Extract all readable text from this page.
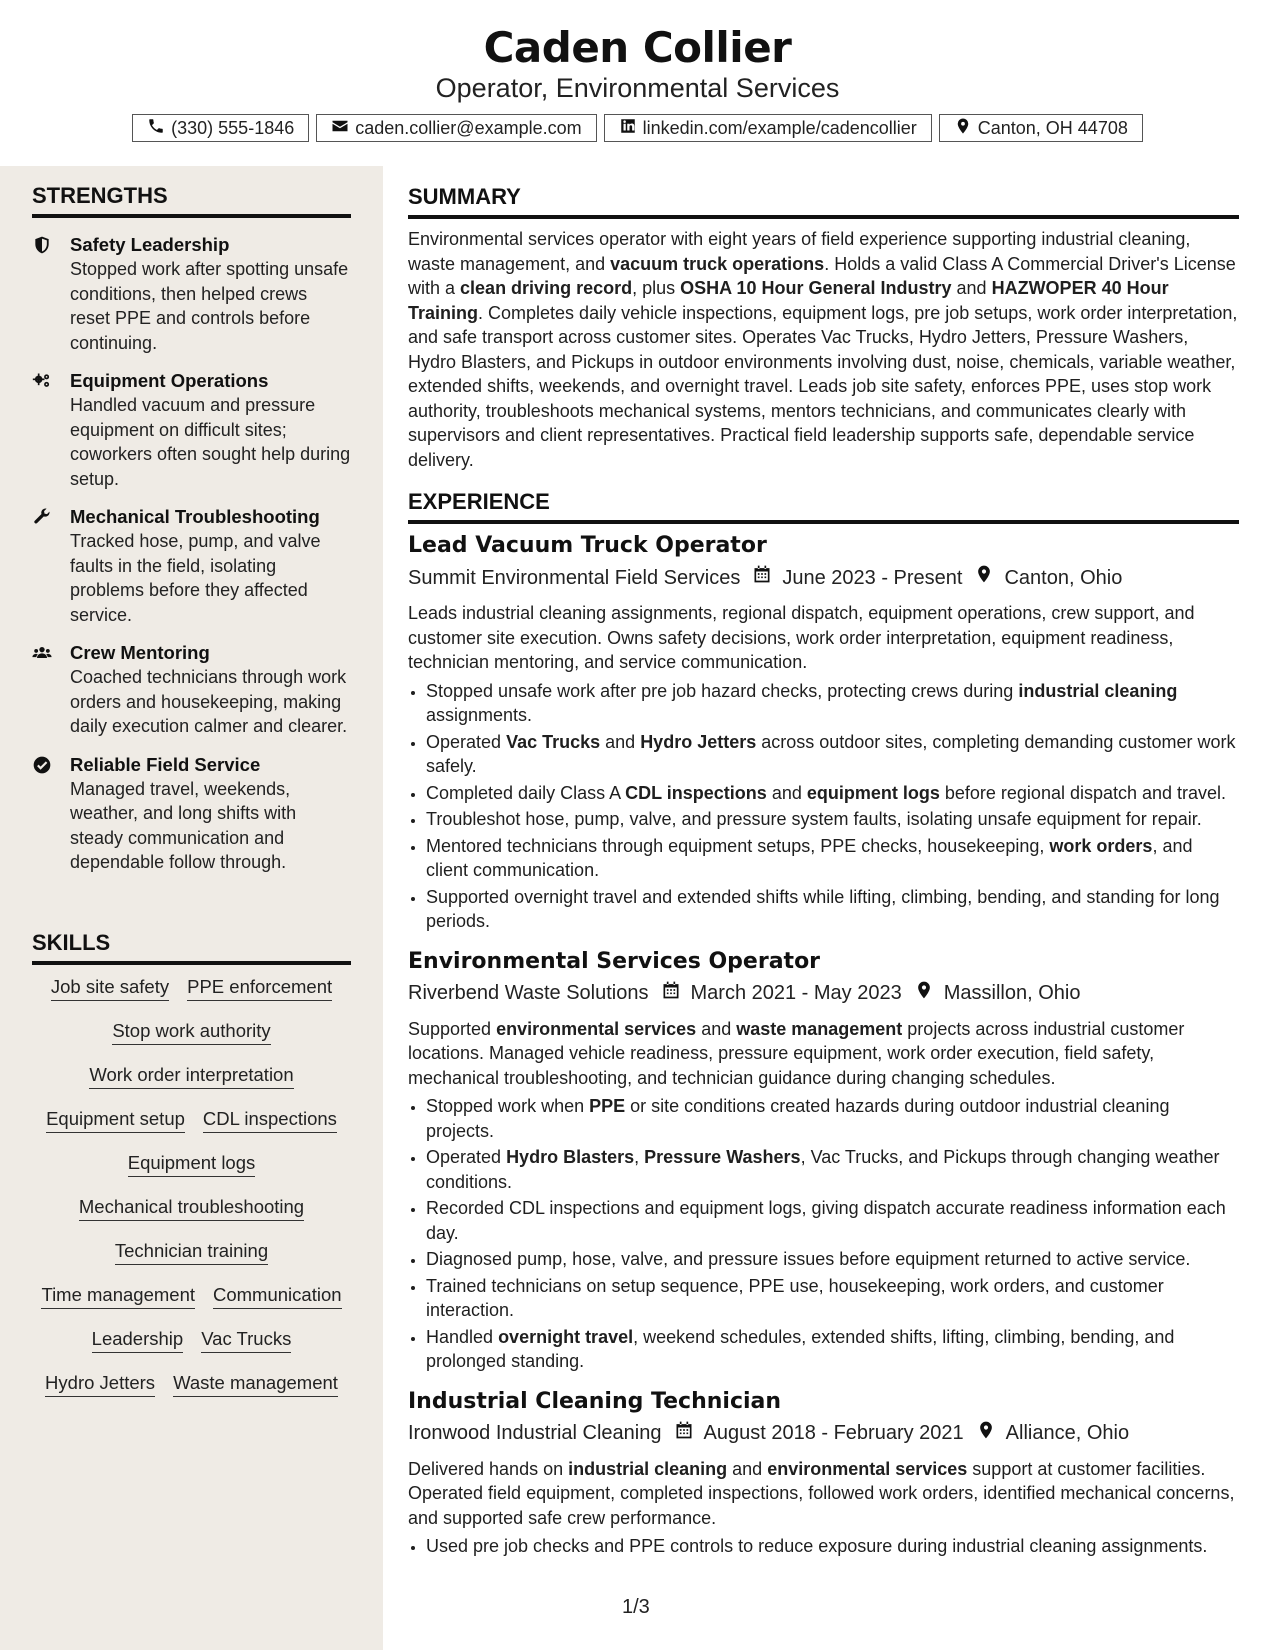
Caden Collier
Operator, Environmental Services
(330) 555-1846	caden.collier@example.com	linkedin.com/example/cadencollier	Canton, OH 44708
STRENGTHS
Safety Leadership
Stopped work after spotting unsafe conditions, then helped crews reset PPE and controls before continuing.
Equipment Operations
Handled vacuum and pressure equipment on difficult sites; coworkers often sought help during setup.
Mechanical Troubleshooting
Tracked hose, pump, and valve faults in the field, isolating problems before they affected service.
Crew Mentoring
Coached technicians through work orders and housekeeping, making daily execution calmer and clearer.
Reliable Field Service
Managed travel, weekends, weather, and long shifts with steady communication and dependable follow through.
SKILLS
Job site safety PPE enforcement
Stop work authority
Work order interpretation
Equipment setup CDL inspections
Equipment logs
Mechanical troubleshooting
Technician training
Time management Communication
Leadership Vac Trucks
Hydro Jetters Waste management
SUMMARY
Environmental services operator with eight years of field experience supporting industrial cleaning, waste management, and vacuum truck operations. Holds a valid Class A Commercial Driver's License with a clean driving record, plus OSHA 10 Hour General Industry and HAZWOPER 40 Hour Training. Completes daily vehicle inspections, equipment logs, pre job setups, work order interpretation, and safe transport across customer sites. Operates Vac Trucks, Hydro Jetters, Pressure Washers, Hydro Blasters, and Pickups in outdoor environments involving dust, noise, chemicals, variable weather, extended shifts, weekends, and overnight travel. Leads job site safety, enforces PPE, uses stop work authority, troubleshoots mechanical systems, mentors technicians, and communicates clearly with supervisors and client representatives. Practical field leadership supports safe, dependable service delivery.
EXPERIENCE
Lead Vacuum Truck Operator
Summit Environmental Field Services June 2023 - Present Canton, Ohio
Leads industrial cleaning assignments, regional dispatch, equipment operations, crew support, and customer site execution. Owns safety decisions, work order interpretation, equipment readiness, technician mentoring, and service communication.
• Stopped unsafe work after pre job hazard checks, protecting crews during industrial cleaning assignments.
• Operated Vac Trucks and Hydro Jetters across outdoor sites, completing demanding customer work safely.
• Completed daily Class A CDL inspections and equipment logs before regional dispatch and travel.
• Troubleshot hose, pump, valve, and pressure system faults, isolating unsafe equipment for repair.
• Mentored technicians through equipment setups, PPE checks, housekeeping, work orders, and client communication.
• Supported overnight travel and extended shifts while lifting, climbing, bending, and standing for long periods.
Environmental Services Operator
Riverbend Waste Solutions March 2021 - May 2023 Massillon, Ohio
Supported environmental services and waste management projects across industrial customer locations. Managed vehicle readiness, pressure equipment, work order execution, field safety, mechanical troubleshooting, and technician guidance during changing schedules.
• Stopped work when PPE or site conditions created hazards during outdoor industrial cleaning projects.
• Operated Hydro Blasters, Pressure Washers, Vac Trucks, and Pickups through changing weather conditions.
• Recorded CDL inspections and equipment logs, giving dispatch accurate readiness information each day.
• Diagnosed pump, hose, valve, and pressure issues before equipment returned to active service.
• Trained technicians on setup sequence, PPE use, housekeeping, work orders, and customer interaction.
• Handled overnight travel, weekend schedules, extended shifts, lifting, climbing, bending, and prolonged standing.
Industrial Cleaning Technician
Ironwood Industrial Cleaning August 2018 - February 2021 Alliance, Ohio
Delivered hands on industrial cleaning and environmental services support at customer facilities. Operated field equipment, completed inspections, followed work orders, identified mechanical concerns, and supported safe crew performance.
• Used pre job checks and PPE controls to reduce exposure during industrial cleaning assignments.
1/3
